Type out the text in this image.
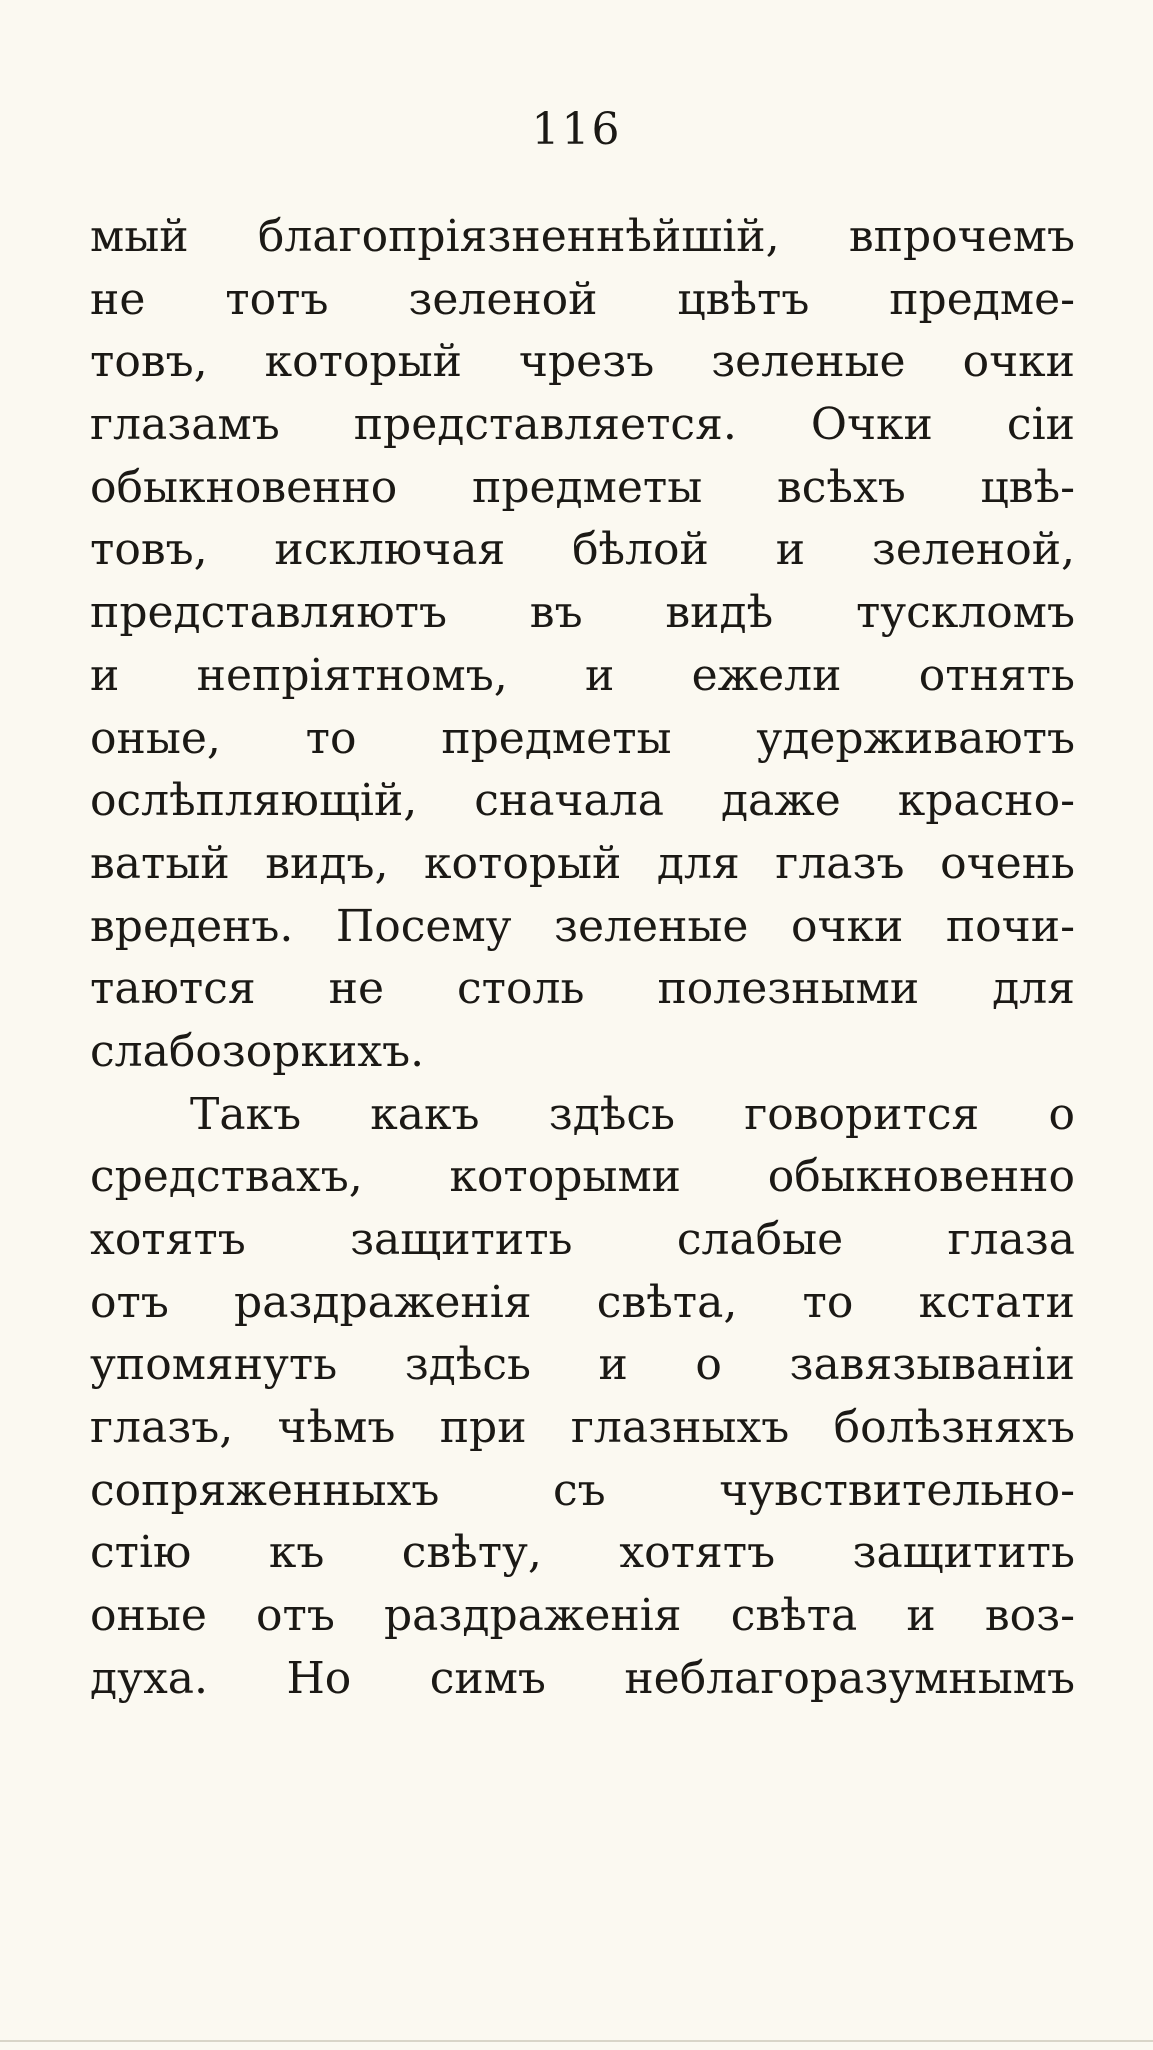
116
мый благопріязненнѣйшій, впрочемъ
не тотъ зеленой цвѣтъ предме-
товъ, который чрезъ зеленые очки
глазамъ представляется. Очки сіи
обыкновенно предметы всѣхъ цвѣ-
товъ, исключая бѣлой и зеленой,
представляютъ въ видѣ тускломъ
и непріятномъ, и ежели отнять
оные, то предметы удерживаютъ
ослѣпляющій, сначала даже красно-
ватый видъ, который для глазъ очень
вреденъ. Посему зеленые очки почи-
таются не столь полезными для
слабозоркихъ.
Такъ какъ здѣсь говорится о
средствахъ, которыми обыкновенно
хотятъ защитить слабые глаза
отъ раздраженія свѣта, то кстати
упомянуть здѣсь и о завязываніи
глазъ, чѣмъ при глазныхъ болѣзняхъ
сопряженныхъ	съ	чувствительно-
стію къ свѣту, хотятъ защитить
оные отъ раздраженія свѣта и воз-
духа. Но симъ неблагоразумнымъ
